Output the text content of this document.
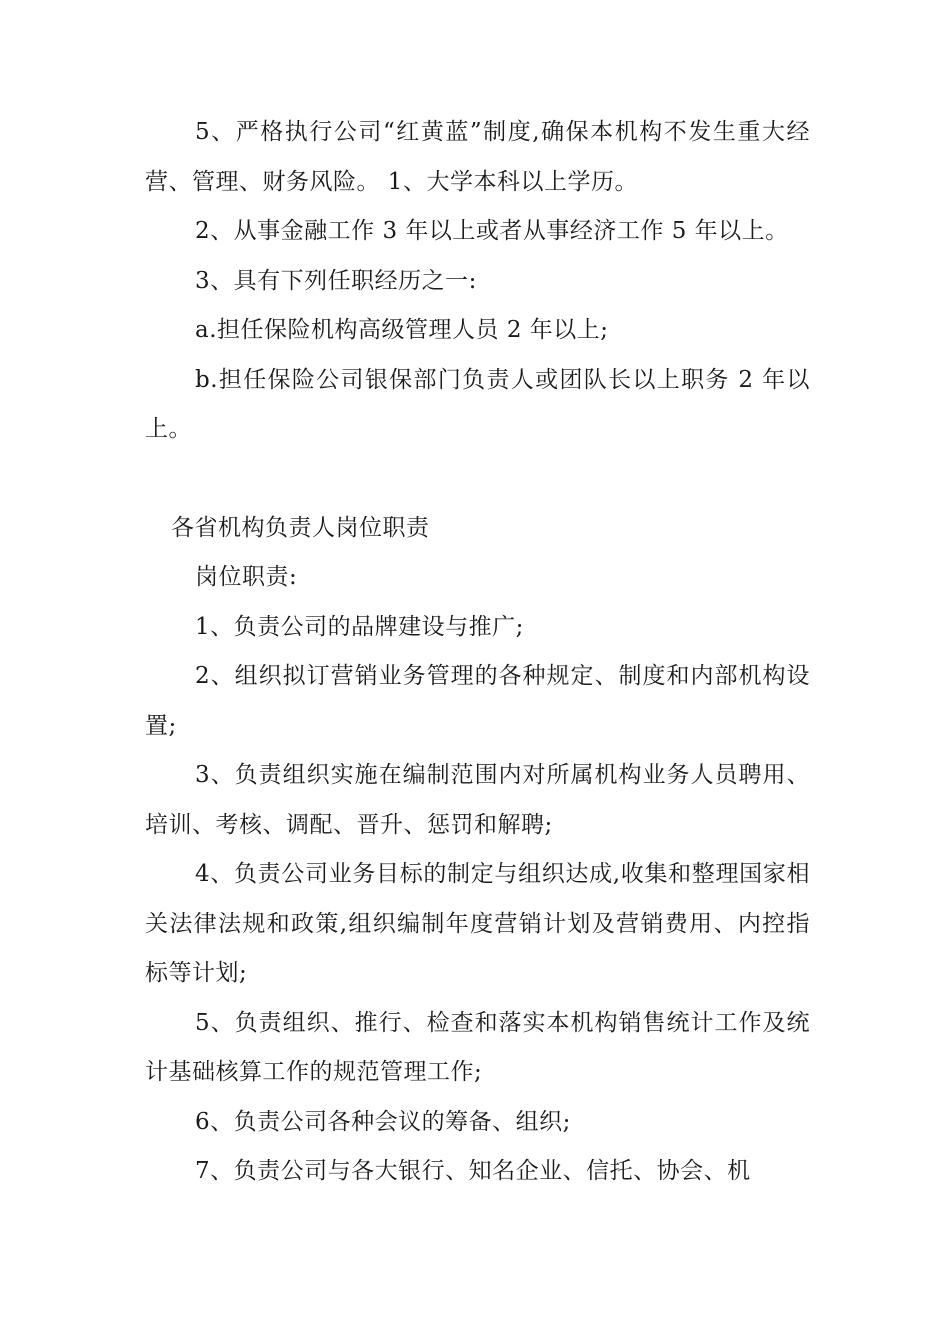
5、严格执行公司“红黄蓝”制度,确保本机构不发生重大经营、管理、财务风险。 1、大学本科以上学历。

2、从事金融工作 3 年以上或者从事经济工作 5 年以上。

3、具有下列任职经历之一:

a.担任保险机构高级管理人员 2 年以上;

b.担任保险公司银保部门负责人或团队长以上职务 2 年以上。

各省机构负责人岗位职责

岗位职责:

1、负责公司的品牌建设与推广;

2、组织拟订营销业务管理的各种规定、制度和内部机构设置;

3、负责组织实施在编制范围内对所属机构业务人员聘用、培训、考核、调配、晋升、惩罚和解聘;

4、负责公司业务目标的制定与组织达成,收集和整理国家相关法律法规和政策,组织编制年度营销计划及营销费用、内控指标等计划;

5、负责组织、推行、检查和落实本机构销售统计工作及统计基础核算工作的规范管理工作;

6、负责公司各种会议的筹备、组织;

7、负责公司与各大银行、知名企业、信托、协会、机
